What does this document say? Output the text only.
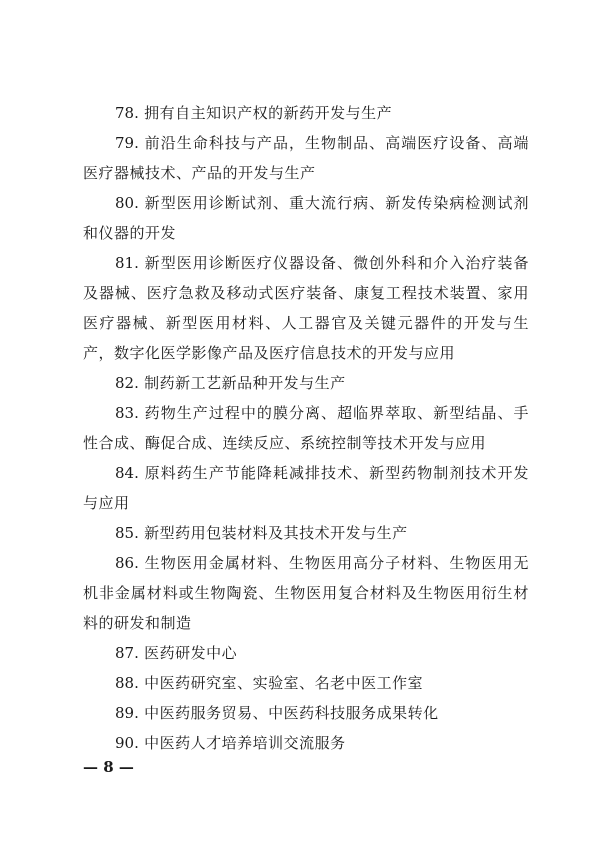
78. 拥有自主知识产权的新药开发与生产

79. 前沿生命科技与产品，生物制品、高端医疗设备、高端医疗器械技术、产品的开发与生产

80. 新型医用诊断试剂、重大流行病、新发传染病检测试剂和仪器的开发

81. 新型医用诊断医疗仪器设备、微创外科和介入治疗装备及器械、医疗急救及移动式医疗装备、康复工程技术装置、家用医疗器械、新型医用材料、人工器官及关键元器件的开发与生产，数字化医学影像产品及医疗信息技术的开发与应用

82. 制药新工艺新品种开发与生产

83. 药物生产过程中的膜分离、超临界萃取、新型结晶、手性合成、酶促合成、连续反应、系统控制等技术开发与应用

84. 原料药生产节能降耗减排技术、新型药物制剂技术开发与应用

85. 新型药用包装材料及其技术开发与生产

86. 生物医用金属材料、生物医用高分子材料、生物医用无机非金属材料或生物陶瓷、生物医用复合材料及生物医用衍生材料的研发和制造

87. 医药研发中心

88. 中医药研究室、实验室、名老中医工作室

89. 中医药服务贸易、中医药科技服务成果转化

90. 中医药人才培养培训交流服务

— 8 —
